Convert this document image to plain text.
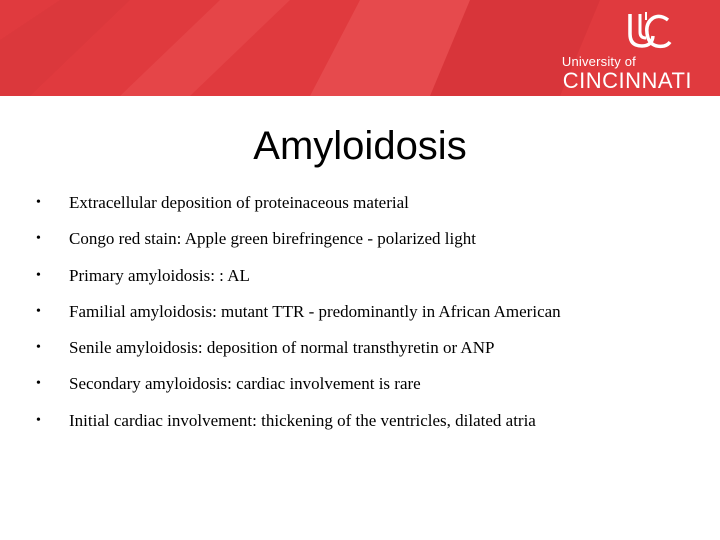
University of
CINCINNATI
Amyloidosis
•	Extracellular deposition of proteinaceous material
•	Congo red stain: Apple green birefringence - polarized light
•	Primary amyloidosis: : AL
•	Familial amyloidosis: mutant TTR - predominantly in African American
•	Senile amyloidosis: deposition of normal transthyretin or ANP
•	Secondary amyloidosis: cardiac involvement is rare
•	Initial cardiac involvement: thickening of the ventricles, dilated atria
